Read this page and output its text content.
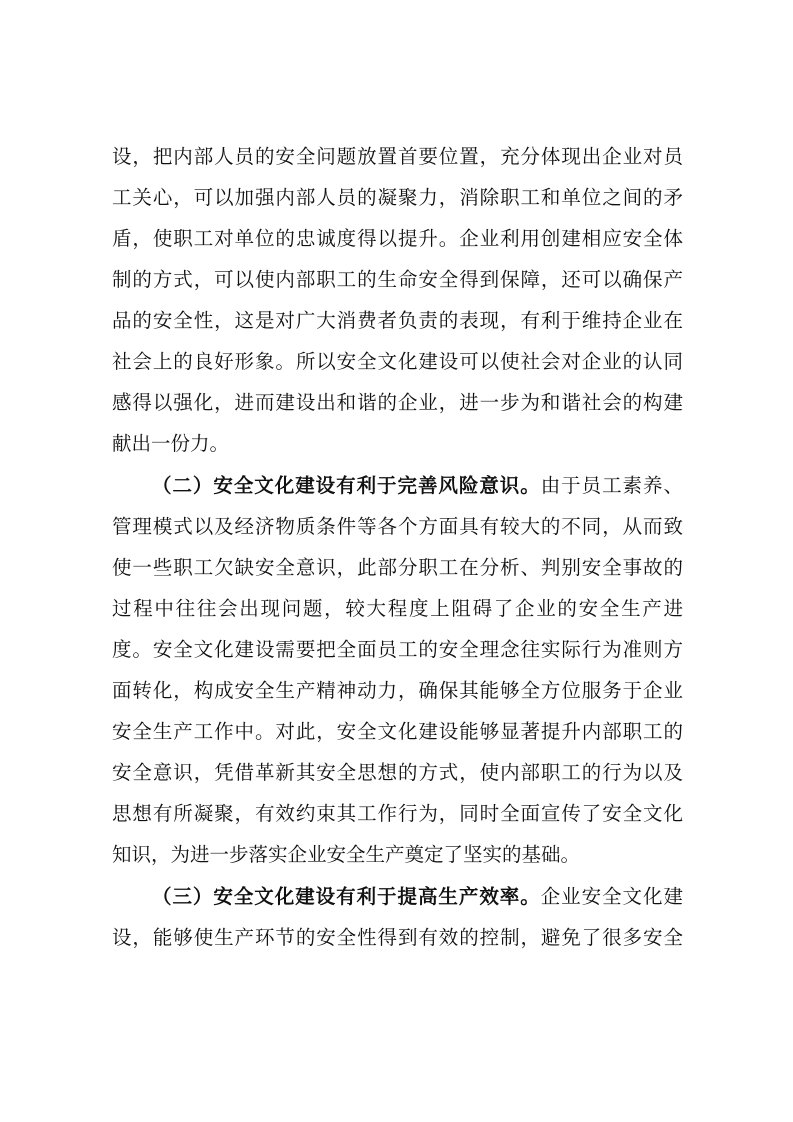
设，把内部人员的安全问题放置首要位置，充分体现出企业对员
工关心，可以加强内部人员的凝聚力，消除职工和单位之间的矛
盾，使职工对单位的忠诚度得以提升。企业利用创建相应安全体
制的方式，可以使内部职工的生命安全得到保障，还可以确保产
品的安全性，这是对广大消费者负责的表现，有利于维持企业在
社会上的良好形象。所以安全文化建设可以使社会对企业的认同
感得以强化，进而建设出和谐的企业，进一步为和谐社会的构建
献出一份力。
（二）安全文化建设有利于完善风险意识。由于员工素养、
管理模式以及经济物质条件等各个方面具有较大的不同，从而致
使一些职工欠缺安全意识，此部分职工在分析、判别安全事故的
过程中往往会出现问题，较大程度上阻碍了企业的安全生产进
度。安全文化建设需要把全面员工的安全理念往实际行为准则方
面转化，构成安全生产精神动力，确保其能够全方位服务于企业
安全生产工作中。对此，安全文化建设能够显著提升内部职工的
安全意识，凭借革新其安全思想的方式，使内部职工的行为以及
思想有所凝聚，有效约束其工作行为，同时全面宣传了安全文化
知识，为进一步落实企业安全生产奠定了坚实的基础。
（三）安全文化建设有利于提高生产效率。企业安全文化建
设，能够使生产环节的安全性得到有效的控制，避免了很多安全
